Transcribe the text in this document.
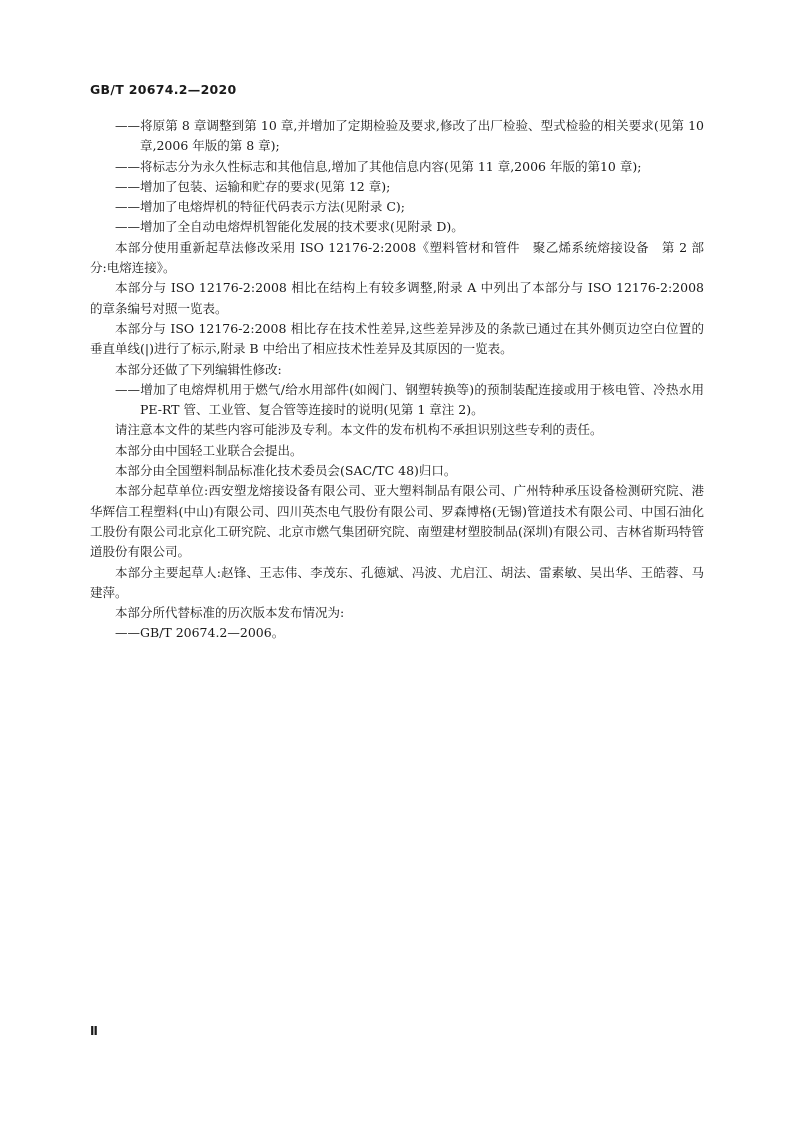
GB/T 20674.2—2020

——将原第 8 章调整到第 10 章,并增加了定期检验及要求,修改了出厂检验、型式检验的相关要求(见第 10 章,2006 年版的第 8 章);

——将标志分为永久性标志和其他信息,增加了其他信息内容(见第 11 章,2006 年版的第10 章);

——增加了包装、运输和贮存的要求(见第 12 章);

——增加了电熔焊机的特征代码表示方法(见附录 C);

——增加了全自动电熔焊机智能化发展的技术要求(见附录 D)。

本部分使用重新起草法修改采用 ISO 12176-2:2008《塑料管材和管件　聚乙烯系统熔接设备　第 2 部分:电熔连接》。

本部分与 ISO 12176-2:2008 相比在结构上有较多调整,附录 A 中列出了本部分与 ISO 12176-2:2008 的章条编号对照一览表。

本部分与 ISO 12176-2:2008 相比存在技术性差异,这些差异涉及的条款已通过在其外侧页边空白位置的垂直单线(|)进行了标示,附录 B 中给出了相应技术性差异及其原因的一览表。

本部分还做了下列编辑性修改:

——增加了电熔焊机用于燃气/给水用部件(如阀门、钢塑转换等)的预制装配连接或用于核电管、冷热水用 PE-RT 管、工业管、复合管等连接时的说明(见第 1 章注 2)。

请注意本文件的某些内容可能涉及专利。本文件的发布机构不承担识别这些专利的责任。

本部分由中国轻工业联合会提出。

本部分由全国塑料制品标准化技术委员会(SAC/TC 48)归口。

本部分起草单位:西安塑龙熔接设备有限公司、亚大塑料制品有限公司、广州特种承压设备检测研究院、港华辉信工程塑料(中山)有限公司、四川英杰电气股份有限公司、罗森博格(无锡)管道技术有限公司、中国石油化工股份有限公司北京化工研究院、北京市燃气集团研究院、南塑建材塑胶制品(深圳)有限公司、吉林省斯玛特管道股份有限公司。

本部分主要起草人:赵锋、王志伟、李茂东、孔德斌、冯波、尤启江、胡法、雷素敏、吴出华、王皓蓉、马建萍。

本部分所代替标准的历次版本发布情况为:

——GB/T 20674.2—2006。

Ⅱ
